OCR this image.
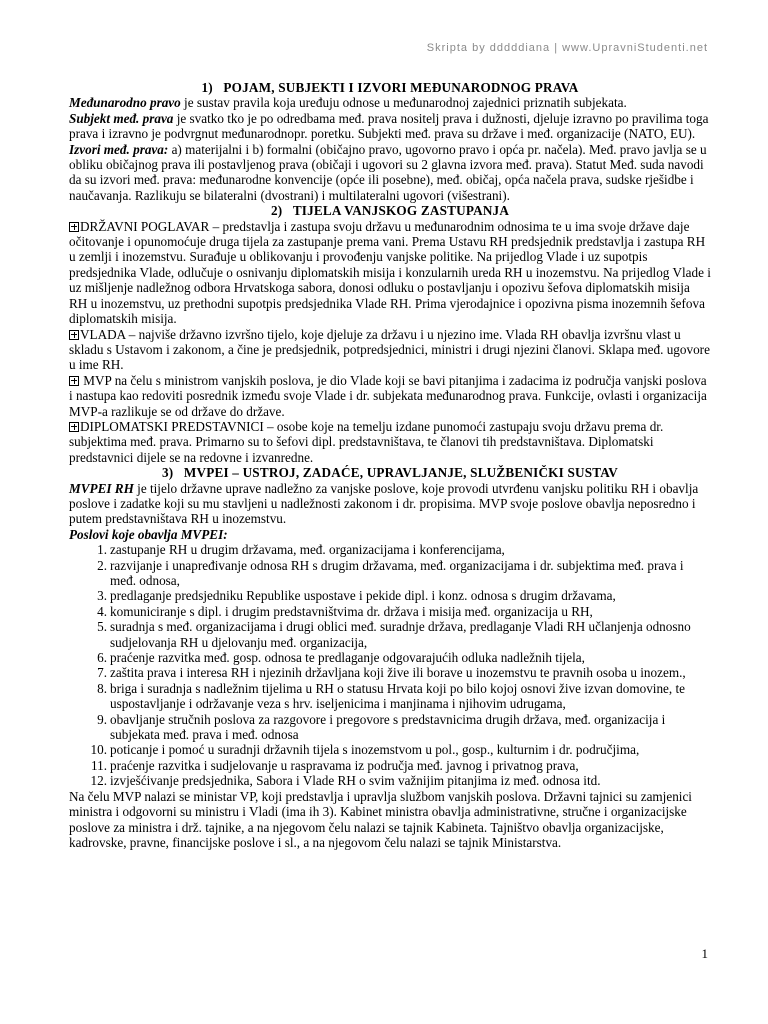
Skripta by dddddiana | www.UpravniStudenti.net

1)   POJAM, SUBJEKTI I IZVORI MEĐUNARODNOG PRAVA

Međunarodno pravo je sustav pravila koja uređuju odnose u međunarodnoj zajednici priznatih subjekata.

Subjekt međ. prava je svatko tko je po odredbama međ. prava nositelj prava i dužnosti, djeluje izravno po pravilima toga prava i izravno je podvrgnut međunarodnopr. poretku. Subjekti međ. prava su države i međ. organizacije (NATO, EU).

Izvori međ. prava: a) materijalni i b) formalni (običajno pravo, ugovorno pravo i opća pr. načela). Međ. pravo javlja se u obliku običajnog prava ili postavljenog prava (običaji i ugovori su 2 glavna izvora međ. prava). Statut Međ. suda navodi da su izvori međ. prava: međunarodne konvencije (opće ili posebne), međ. običaj, opća načela prava, sudske rješidbe i naučavanja. Razlikuju se bilateralni (dvostrani) i multilateralni ugovori (višestrani).

2)   TIJELA VANJSKOG ZASTUPANJA

DRŽAVNI POGLAVAR – predstavlja i zastupa svoju državu u međunarodnim odnosima te u ima svoje države daje očitovanje i opunomoćuje druga tijela za zastupanje prema vani. Prema Ustavu RH predsjednik predstavlja i zastupa RH u zemlji i inozemstvu. Surađuje u oblikovanju i provođenju vanjske politike. Na prijedlog Vlade i uz supotpis predsjednika Vlade, odlučuje o osnivanju diplomatskih misija i konzularnih ureda RH u inozemstvu. Na prijedlog Vlade i uz mišljenje nadležnog odbora Hrvatskoga sabora, donosi odluku o postavljanju i opozivu šefova diplomatskih misija RH u inozemstvu, uz prethodni supotpis predsjednika Vlade RH. Prima vjerodajnice i opozivna pisma inozemnih šefova diplomatskih misija.

VLADA – najviše državno izvršno tijelo, koje djeluje za državu i u njezino ime. Vlada RH obavlja izvršnu vlast u skladu s Ustavom i zakonom, a čine je predsjednik, potpredsjednici, ministri i drugi njezini članovi. Sklapa međ. ugovore u ime RH.

MVP na čelu s ministrom vanjskih poslova, je dio Vlade koji se bavi pitanjima i zadacima iz područja vanjski poslova i nastupa kao redoviti posrednik između svoje Vlade i dr. subjekata međunarodnog prava. Funkcije, ovlasti i organizacija MVP-a razlikuje se od države do države.

DIPLOMATSKI PREDSTAVNICI – osobe koje na temelju izdane punomoći zastupaju svoju državu prema dr. subjektima međ. prava. Primarno su to šefovi dipl. predstavništava, te članovi tih predstavništava. Diplomatski predstavnici dijele se na redovne i izvanredne.

3)   MVPEI – USTROJ, ZADAĆE, UPRAVLJANJE, SLUŽBENIČKI SUSTAV

MVPEI RH je tijelo državne uprave nadležno za vanjske poslove, koje provodi utvrđenu vanjsku politiku RH i obavlja poslove i zadatke koji su mu stavljeni u nadležnosti zakonom i dr. propisima. MVP svoje poslove obavlja neposredno i putem predstavništava RH u inozemstvu.

Poslovi koje obavlja MVPEI:

1. zastupanje RH u drugim državama, međ. organizacijama i konferencijama,
2. razvijanje i unapređivanje odnosa RH s drugim državama, međ. organizacijama i dr. subjektima međ. prava i međ. odnosa,
3. predlaganje predsjedniku Republike uspostave i pekide dipl. i konz. odnosa s drugim državama,
4. komuniciranje s dipl. i drugim predstavništvima dr. država i misija međ. organizacija u RH,
5. suradnja s međ. organizacijama i drugi oblici međ. suradnje država, predlaganje Vladi RH učlanjenja odnosno sudjelovanja RH u djelovanju međ. organizacija,
6. praćenje razvitka međ. gosp. odnosa te predlaganje odgovarajućih odluka nadležnih tijela,
7. zaštita prava i interesa RH i njezinih državljana koji žive ili borave u inozemstvu te pravnih osoba u inozem.,
8. briga i suradnja s nadležnim tijelima u RH o statusu Hrvata koji po bilo kojoj osnovi žive izvan domovine, te uspostavljanje i održavanje veza s hrv. iseljenicima i manjinama i njihovim udrugama,
9. obavljanje stručnih poslova za razgovore i pregovore s predstavnicima drugih država, međ. organizacija i subjekata međ. prava i međ. odnosa
10. poticanje i pomoć u suradnji državnih tijela s inozemstvom u pol., gosp., kulturnim i dr. područjima,
11. praćenje razvitka i sudjelovanje u raspravama iz područja međ. javnog i privatnog prava,
12. izvješćivanje predsjednika, Sabora i Vlade RH o svim važnijim pitanjima iz međ. odnosa itd.

Na čelu MVP nalazi se ministar VP, koji predstavlja i upravlja službom vanjskih poslova. Državni tajnici su zamjenici ministra i odgovorni su ministru i Vladi (ima ih 3). Kabinet ministra obavlja administrativne, stručne i organizacijske poslove za ministra i drž. tajnike, a na njegovom čelu nalazi se tajnik Kabineta. Tajništvo obavlja organizacijske, kadrovske, pravne, financijske poslove i sl., a na njegovom čelu nalazi se tajnik Ministarstva.

1
